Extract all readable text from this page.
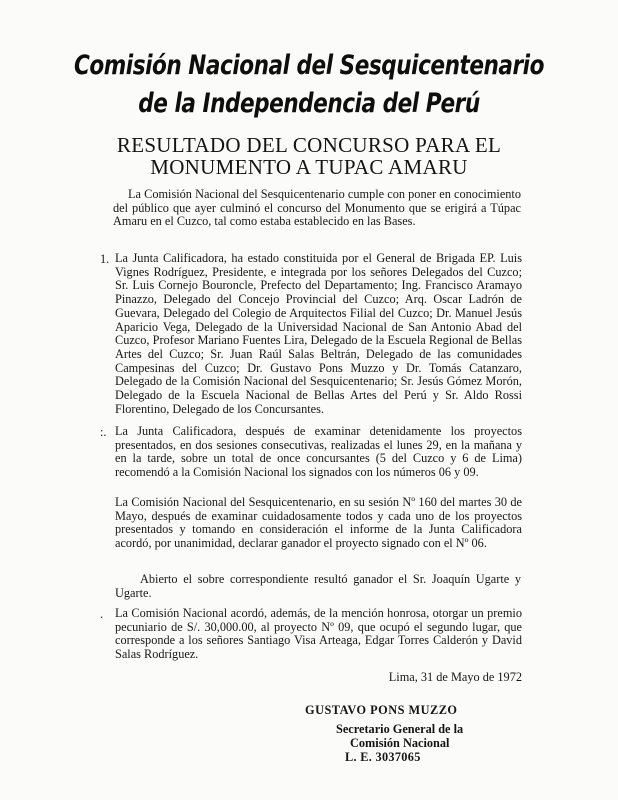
Comisión Nacional del Sesquicentenario
de la Independencia del Perú
RESULTADO DEL CONCURSO PARA EL
MONUMENTO A TUPAC AMARU
La Comisión Nacional del Sesquicentenario cumple con poner en conocimiento del público que ayer culminó el concurso del Monumento que se erigirá a Túpac Amaru en el Cuzco, tal como estaba establecido en las Bases.
1. La Junta Calificadora, ha estado constituida por el General de Brigada EP. Luis Vignes Rodríguez, Presidente, e integrada por los señores Delegados del Cuzco; Sr. Luis Cornejo Bouroncle, Prefecto del Departamento; Ing. Francisco Aramayo Pinazzo, Delegado del Concejo Provincial del Cuzco; Arq. Oscar Ladrón de Guevara, Delegado del Colegio de Arquitectos Filial del Cuzco; Dr. Manuel Jesús Aparicio Vega, Delegado de la Universidad Nacional de San Antonio Abad del Cuzco, Profesor Mariano Fuentes Lira, Delegado de la Escuela Regional de Bellas Artes del Cuzco; Sr. Juan Raúl Salas Beltrán, Delegado de las comunidades Campesinas del Cuzco; Dr. Gustavo Pons Muzzo y Dr. Tomás Catanzaro, Delegado de la Comisión Nacional del Sesquicentenario; Sr. Jesús Gómez Morón, Delegado de la Escuela Nacional de Bellas Artes del Perú y Sr. Aldo Rossi Florentino, Delegado de los Concursantes.
:. La Junta Calificadora, después de examinar detenidamente los proyectos presentados, en dos sesiones consecutivas, realizadas el lunes 29, en la mañana y en la tarde, sobre un total de once concursantes (5 del Cuzco y 6 de Lima) recomendó a la Comisión Nacional los signados con los números 06 y 09.
La Comisión Nacional del Sesquicentenario, en su sesión Nº 160 del martes 30 de Mayo, después de examinar cuidadosamente todos y cada uno de los proyectos presentados y tomando en consideración el informe de la Junta Calificadora acordó, por unanimidad, declarar ganador el proyecto signado con el Nº 06.
Abierto el sobre correspondiente resultó ganador el Sr. Joaquín Ugarte y Ugarte.
. La Comisión Nacional acordó, además, de la mención honrosa, otorgar un premio pecuniario de S/. 30,000.00, al proyecto Nº 09, que ocupó el segundo lugar, que corresponde a los señores Santiago Visa Arteaga, Edgar Torres Calderón y David Salas Rodríguez.
Lima, 31 de Mayo de 1972
GUSTAVO PONS MUZZO
Secretario General de la
Comisión Nacional
L. E. 3037065
